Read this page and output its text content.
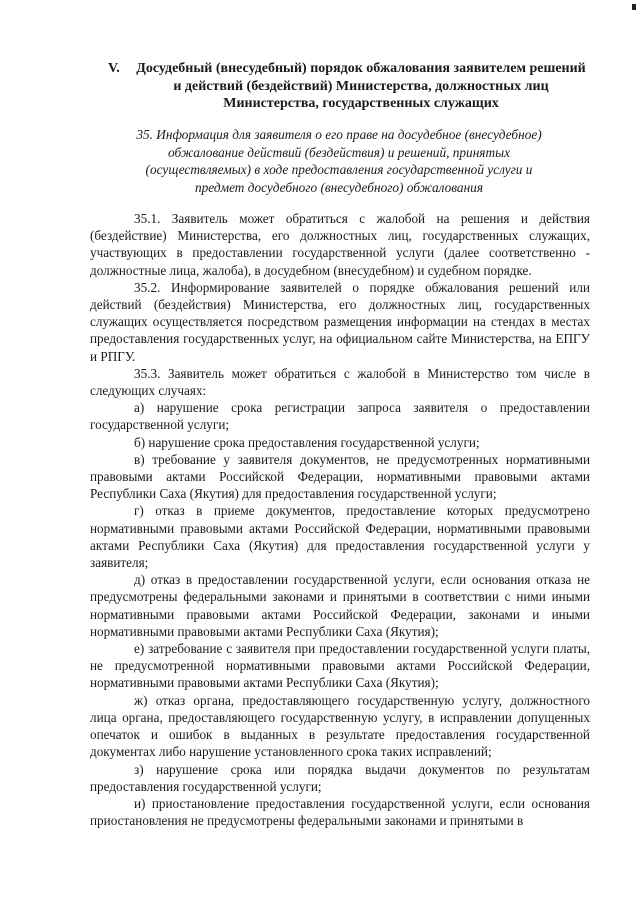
V.	Досудебный (внесудебный) порядок обжалования заявителем решений и действий (бездействий) Министерства, должностных лиц Министерства, государственных служащих
35. Информация для заявителя о его праве на досудебное (внесудебное) обжалование действий (бездействия) и решений, принятых (осуществляемых) в ходе предоставления государственной услуги и предмет досудебного (внесудебного) обжалования

35.1. Заявитель может обратиться с жалобой на решения и действия (бездействие) Министерства, его должностных лиц, государственных служащих, участвующих в предоставлении государственной услуги (далее соответственно - должностные лица, жалоба), в досудебном (внесудебном) и судебном порядке.

35.2. Информирование заявителей о порядке обжалования решений или действий (бездействия) Министерства, его должностных лиц, государственных служащих осуществляется посредством размещения информации на стендах в местах предоставления государственных услуг, на официальном сайте Министерства, на ЕПГУ и РПГУ.

35.3. Заявитель может обратиться с жалобой в Министерство том числе в следующих случаях:

а) нарушение срока регистрации запроса заявителя о предоставлении государственной услуги;

б) нарушение срока предоставления государственной услуги;

в) требование у заявителя документов, не предусмотренных нормативными правовыми актами Российской Федерации, нормативными правовыми актами Республики Саха (Якутия) для предоставления государственной услуги;

г) отказ в приеме документов, предоставление которых предусмотрено нормативными правовыми актами Российской Федерации, нормативными правовыми актами Республики Саха (Якутия) для предоставления государственной услуги у заявителя;

д) отказ в предоставлении государственной услуги, если основания отказа не предусмотрены федеральными законами и принятыми в соответствии с ними иными нормативными правовыми актами Российской Федерации, законами и иными нормативными правовыми актами Республики Саха (Якутия);

е) затребование с заявителя при предоставлении государственной услуги платы, не предусмотренной нормативными правовыми актами Российской Федерации, нормативными правовыми актами Республики Саха (Якутия);

ж) отказ органа, предоставляющего государственную услугу, должностного лица органа, предоставляющего государственную услугу, в исправлении допущенных опечаток и ошибок в выданных в результате предоставления государственной документах либо нарушение установленного срока таких исправлений;

з) нарушение срока или порядка выдачи документов по результатам предоставления государственной услуги;

и) приостановление предоставления государственной услуги, если основания приостановления не предусмотрены федеральными законами и принятыми в
